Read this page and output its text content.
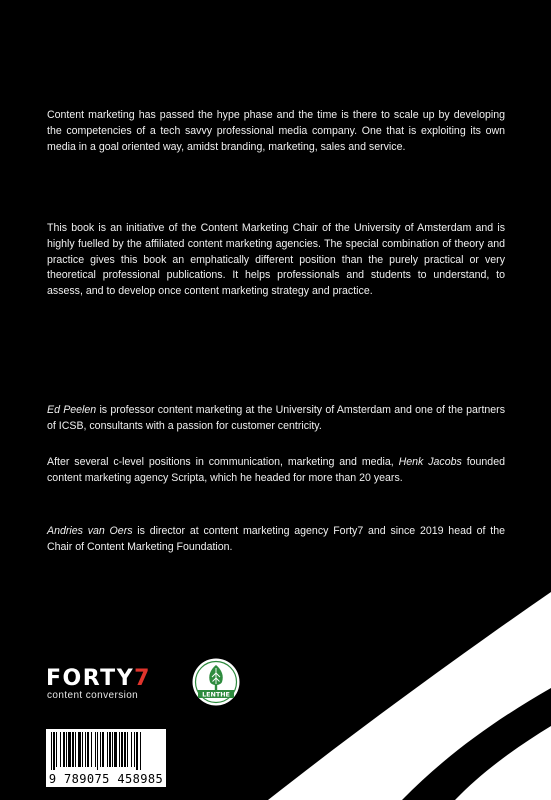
Content marketing has passed the hype phase and the time is there to scale up by developing the competencies of a tech savvy professional media company. One that is exploiting its own media in a goal oriented way, amidst branding, marketing, sales and service.

This book is an initiative of the Content Marketing Chair of the University of Amsterdam and is highly fuelled by the affiliated content marketing agencies. The special combination of theory and practice gives this book an emphatically different position than the purely practical or very theoretical professional publications. It helps professionals and students to understand, to assess, and to develop once content marketing strategy and practice.

Ed Peelen is professor content marketing at the University of Amsterdam and one of the partners of ICSB, consultants with a passion for customer centricity.

After several c-level positions in communication, marketing and media, Henk Jacobs founded content marketing agency Scripta, which he headed for more than 20 years.

Andries van Oers is director at content marketing agency Forty7 and since 2019 head of the Chair of Content Marketing Foundation.

FORTY7
content conversion	LENTHE
9 789075 458985
